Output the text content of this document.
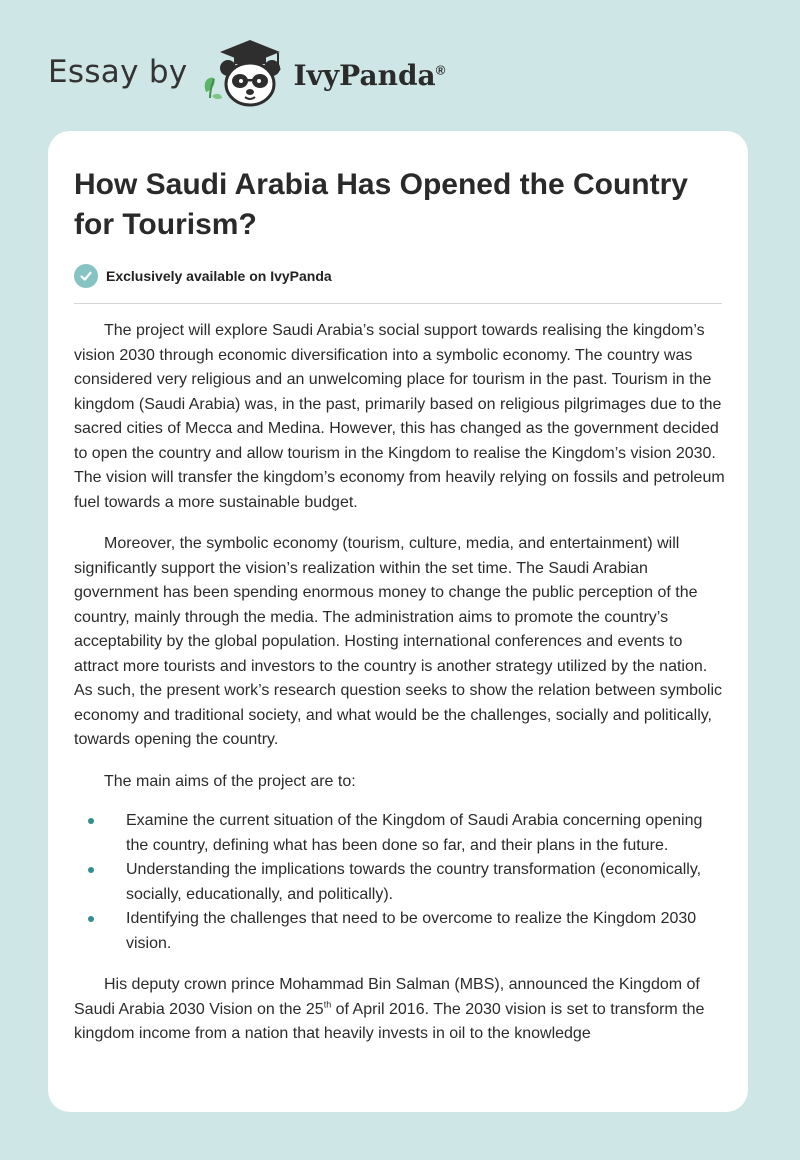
Essay by	IvyPanda®
How Saudi Arabia Has Opened the Country for Tourism?
Exclusively available on IvyPanda

The project will explore Saudi Arabia’s social support towards realising the kingdom’s vision 2030 through economic diversification into a symbolic economy. The country was considered very religious and an unwelcoming place for tourism in the past. Tourism in the kingdom (Saudi Arabia) was, in the past, primarily based on religious pilgrimages due to the sacred cities of Mecca and Medina. However, this has changed as the government decided to open the country and allow tourism in the Kingdom to realise the Kingdom’s vision 2030. The vision will transfer the kingdom’s economy from heavily relying on fossils and petroleum fuel towards a more sustainable budget.

Moreover, the symbolic economy (tourism, culture, media, and entertainment) will significantly support the vision’s realization within the set time. The Saudi Arabian government has been spending enormous money to change the public perception of the country, mainly through the media. The administration aims to promote the country’s acceptability by the global population. Hosting international conferences and events to attract more tourists and investors to the country is another strategy utilized by the nation. As such, the present work’s research question seeks to show the relation between symbolic economy and traditional society, and what would be the challenges, socially and politically, towards opening the country.

The main aims of the project are to:

Examine the current situation of the Kingdom of Saudi Arabia concerning opening the country, defining what has been done so far, and their plans in the future.
Understanding the implications towards the country transformation (economically, socially, educationally, and politically).
Identifying the challenges that need to be overcome to realize the Kingdom 2030 vision.

His deputy crown prince Mohammad Bin Salman (MBS), announced the Kingdom of Saudi Arabia 2030 Vision on the 25th of April 2016. The 2030 vision is set to transform the kingdom income from a nation that heavily invests in oil to the knowledge
